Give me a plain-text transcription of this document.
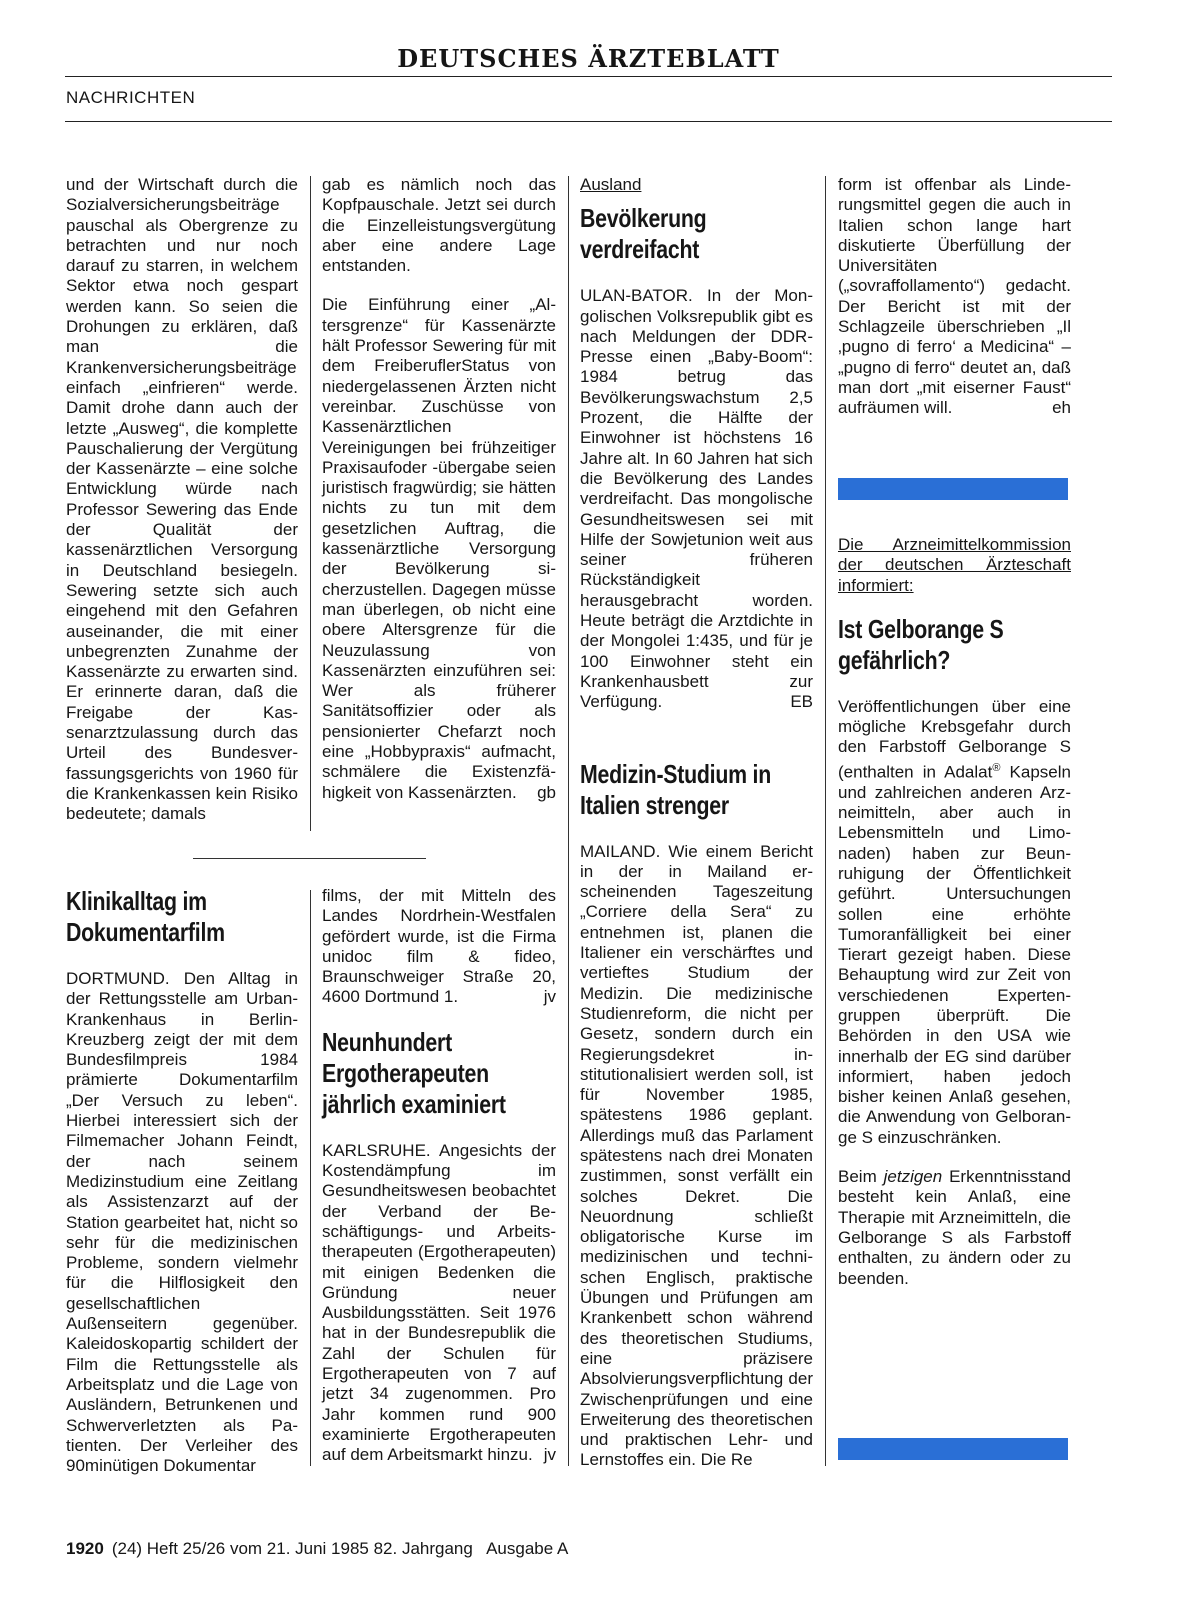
DEUTSCHES ÄRZTEBLATT
NACHRICHTEN

und der Wirtschaft durch die Sozialversicherungsbeiträge pauschal als Obergrenze zu betrachten und nur noch darauf zu starren, in welchem Sektor etwa noch gespart werden kann. So seien die Drohungen zu erklären, daß man die Krankenversicherungsbeiträge einfach „einfrieren“ werde. Damit drohe dann auch der letzte „Ausweg“, die komplette Pauschalierung der Vergütung der Kassenärzte – eine solche Entwicklung würde nach Professor Sewering das Ende der Qualität der kassenärztlichen Versorgung in Deutschland besiegeln. Sewering setzte sich auch eingehend mit den Gefahren auseinander, die mit einer unbegrenzten Zunahme der Kassenärzte zu erwarten sind. Er erinnerte daran, daß die Freigabe der Kassenarztzulassung durch das Urteil des Bundesverfassungsgerichts von 1960 für die Krankenkassen kein Risiko bedeutete; damals

gab es nämlich noch das Kopfpauschale. Jetzt sei durch die Einzelleistungsvergütung aber eine andere Lage entstanden.

Die Einführung einer „Altersgrenze“ für Kassenärzte hält Professor Sewering für mit dem FreiberuflerStatus von niedergelassenen Ärzten nicht vereinbar. Zuschüsse von Kassenärztlichen Vereinigungen bei frühzeitiger Praxisaufoder -übergabe seien juristisch fragwürdig; sie hätten nichts zu tun mit dem gesetzlichen Auftrag, die kassenärztliche Versorgung der Bevölkerung sicherzustellen. Dagegen müsse man überlegen, ob nicht eine obere Altersgrenze für die Neuzulassung von Kassenärzten einzuführen sei: Wer als früherer Sanitätsoffizier oder als pensionierter Chefarzt noch eine „Hobbypraxis“ aufmacht, schmälere die Existenzfähigkeit von Kassenärzten. gb

Klinikalltag im Dokumentarfilm

DORTMUND. Den Alltag in der Rettungsstelle am Urban-Krankenhaus in Berlin-Kreuzberg zeigt der mit dem Bundesfilmpreis 1984 prämierte Dokumentarfilm „Der Versuch zu leben“. Hierbei interessiert sich der Filmemacher Johann Feindt, der nach seinem Medizinstudium eine Zeitlang als Assistenzarzt auf der Station gearbeitet hat, nicht so sehr für die medizinischen Probleme, sondern vielmehr für die Hilflosigkeit den gesellschaftlichen Außenseitern gegenüber. Kaleidoskopartig schildert der Film die Rettungsstelle als Arbeitsplatz und die Lage von Ausländern, Betrunkenen und Schwerverletzten als Patienten. Der Verleiher des 90minütigen Dokumentar

films, der mit Mitteln des Landes Nordrhein-Westfalen gefördert wurde, ist die Firma unidoc film & fideo, Braunschweiger Straße 20, 4600 Dortmund 1.	jv

Neunhundert Ergotherapeuten jährlich examiniert

KARLSRUHE. Angesichts der Kostendämpfung im Gesundheitswesen beobachtet der Verband der Beschäftigungs- und Arbeitstherapeuten (Ergotherapeuten) mit einigen Bedenken die Gründung neuer Ausbildungsstätten. Seit 1976 hat in der Bundesrepublik die Zahl der Schulen für Ergotherapeuten von 7 auf jetzt 34 zugenommen. Pro Jahr kommen rund 900 examinierte Ergotherapeuten auf dem Arbeitsmarkt hinzu. jv

Ausland
Bevölkerung verdreifacht

ULAN-BATOR. In der Mongolischen Volksrepublik gibt es nach Meldungen der DDR-Presse einen „Baby-Boom“: 1984 betrug das Bevölkerungswachstum 2,5 Prozent, die Hälfte der Einwohner ist höchstens 16 Jahre alt. In 60 Jahren hat sich die Bevölkerung des Landes verdreifacht. Das mongolische Gesundheitswesen sei mit Hilfe der Sowjetunion weit aus seiner früheren Rückständigkeit herausgebracht worden. Heute beträgt die Arztdichte in der Mongolei 1:435, und für je 100 Einwohner steht ein Krankenhausbett zur Verfügung.	EB

Medizin-Studium in Italien strenger

MAILAND. Wie einem Bericht in der in Mailand erscheinenden Tageszeitung „Corriere della Sera“ zu entnehmen ist, planen die Italiener ein verschärftes und vertieftes Studium der Medizin. Die medizinische Studienreform, die nicht per Gesetz, sondern durch ein Regierungsdekret institutionalisiert werden soll, ist für November 1985, spätestens 1986 geplant. Allerdings muß das Parlament spätestens nach drei Monaten zustimmen, sonst verfällt ein solches Dekret. Die Neuordnung schließt obligatorische Kurse im medizinischen und technischen Englisch, praktische Übungen und Prüfungen am Krankenbett schon während des theoretischen Studiums, eine präzisere Absolvierungsverpflichtung der Zwischenprüfungen und eine Erweiterung des theoretischen und praktischen Lehr- und Lernstoffes ein. Die Re

form ist offenbar als Linderungsmittel gegen die auch in Italien schon lange hart diskutierte Überfüllung der Universitäten („sovraffollamento“) gedacht. Der Bericht ist mit der Schlagzeile überschrieben „Il ‚pugno di ferro‘ a Medicina“ – „pugno di ferro“ deutet an, daß man dort „mit eiserner Faust“ aufräumen will.	eh

Die Arzneimittelkommission der deutschen Ärzteschaft informiert:
Ist Gelborange S gefährlich?

Veröffentlichungen über eine mögliche Krebsgefahr durch den Farbstoff Gelborange S (enthalten in Adalat® Kapseln und zahlreichen anderen Arzneimitteln, aber auch in Lebensmitteln und Limonaden) haben zur Beunruhigung der Öffentlichkeit geführt. Untersuchungen sollen eine erhöhte Tumoranfälligkeit bei einer Tierart gezeigt haben. Diese Behauptung wird zur Zeit von verschiedenen Expertengruppen überprüft. Die Behörden in den USA wie innerhalb der EG sind darüber informiert, haben jedoch bisher keinen Anlaß gesehen, die Anwendung von Gelborange S einzuschränken.

Beim jetzigen Erkenntnisstand besteht kein Anlaß, eine Therapie mit Arzneimitteln, die Gelborange S als Farbstoff enthalten, zu ändern oder zu beenden.

1920 (24) Heft 25/26 vom 21. Juni 1985 82. Jahrgang   Ausgabe A
